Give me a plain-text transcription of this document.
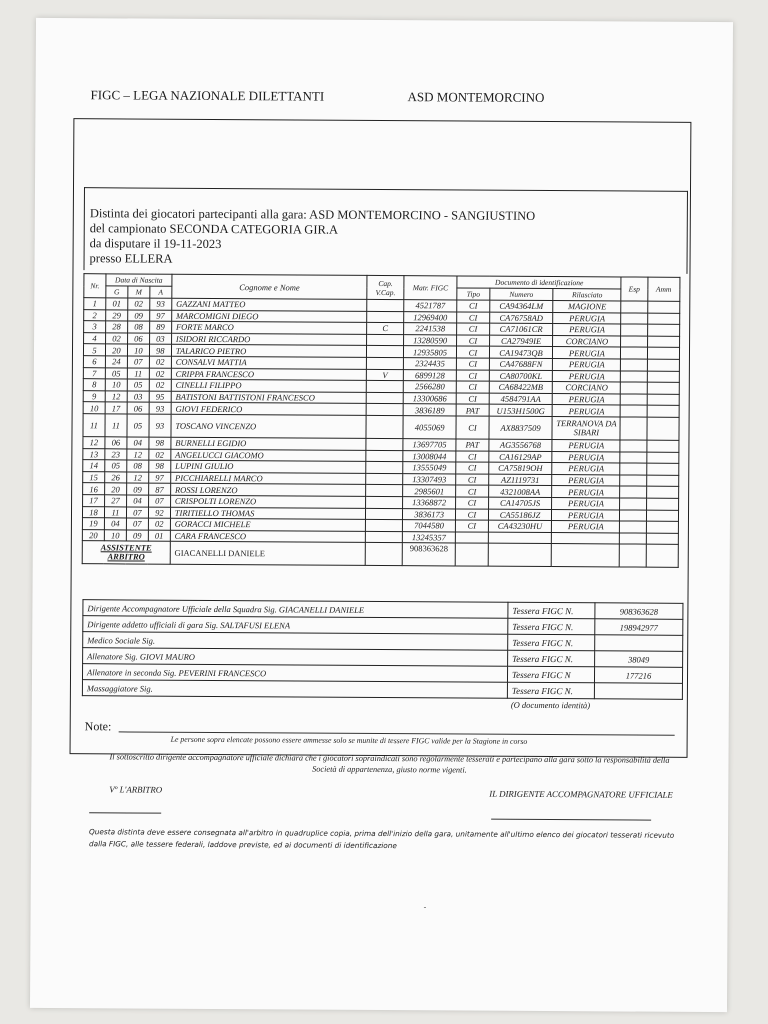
FIGC – LEGA NAZIONALE DILETTANTI	ASD MONTEMORCINO
Distinta dei giocatori partecipanti alla gara: ASD MONTEMORCINO - SANGIUSTINO
del campionato SECONDA CATEGORIA GIR.A
da disputare il 19-11-2023
presso ELLERA
Nr.	Data di Nascita			Cognome e Nome	Cap. V.Cap.	Matr. FIGC	Documento di identificazione			Esp	Amm
	G	M	A				Tipo	Numero	Rilasciato		
1	01	02	93	GAZZANI MATTEO		4521787	CI	CA94364LM	MAGIONE		
2	29	09	97	MARCOMIGNI DIEGO		12969400	CI	CA76758AD	PERUGIA		
3	28	08	89	FORTE MARCO	C	2241538	CI	CA71061CR	PERUGIA		
4	02	06	03	ISIDORI RICCARDO		13280590	CI	CA27949IE	CORCIANO		
5	20	10	98	TALARICO PIETRO		12935805	CI	CA19473QB	PERUGIA		
6	24	07	02	CONSALVI MATTIA		2324435	CI	CA47688FN	PERUGIA		
7	05	11	02	CRIPPA FRANCESCO	V	6899128	CI	CA80700KL	PERUGIA		
8	10	05	02	CINELLI FILIPPO		2566280	CI	CA68422MB	CORCIANO		
9	12	03	95	BATISTONI BATTISTONI FRANCESCO		13300686	CI	4584791AA	PERUGIA		
10	17	06	93	GIOVI FEDERICO		3836189	PAT	U153H1500G	PERUGIA		
11	11	05	93	TOSCANO VINCENZO		4055069	CI	AX8837509	TERRANOVA DA SIBARI		
12	06	04	98	BURNELLI EGIDIO		13697705	PAT	AG3556768	PERUGIA		
13	23	12	02	ANGELUCCI GIACOMO		13008044	CI	CA16129AP	PERUGIA		
14	05	08	98	LUPINI GIULIO		13555049	CI	CA75819OH	PERUGIA		
15	26	12	97	PICCHIARELLI MARCO		13307493	CI	AZ1119731	PERUGIA		
16	20	09	87	ROSSI LORENZO		2985601	CI	4321008AA	PERUGIA		
17	27	04	07	CRISPOLTI LORENZO		13368872	CI	CA14705JS	PERUGIA		
18	11	07	92	TIRITIELLO THOMAS		3836173	CI	CA55186JZ	PERUGIA		
19	04	07	02	GORACCI MICHELE		7044580	CI	CA43230HU	PERUGIA		
20	10	09	01	CARA FRANCESCO		13245357					
ASSISTENTE ARBITRO				GIACANELLI DANIELE		908363628					
Dirigente Accompagnatore Ufficiale della Squadra Sig. GIACANELLI DANIELE	Tessera FIGC N.	908363628
Dirigente addetto ufficiali di gara Sig. SALTAFUSI ELENA	Tessera FIGC N.	198942977
Medico Sociale Sig.	Tessera FIGC N.	
Allenatore Sig. GIOVI MAURO	Tessera FIGC N.	38049
Allenatore in seconda Sig. PEVERINI FRANCESCO	Tessera FIGC N	177216
Massaggiatore Sig.	Tessera FIGC N.	
(O documento identità)
Note:
Le persone sopra elencate possono essere ammesse solo se munite di tessere FIGC valide per la Stagione in corso
Il sottoscritto dirigente accompagnatore ufficiale dichiara che i giocatori sopraindicati sono regolarmente tesserati e partecipano alla gara sotto la responsabilità della Società di appartenenza, giusto norme vigenti.
Vº L'ARBITRO	IL DIRIGENTE ACCOMPAGNATORE UFFICIALE
Questa distinta deve essere consegnata all'arbitro in quadruplice copia, prima dell'inizio della gara, unitamente all'ultimo elenco dei giocatori tesserati ricevuto dalla FIGC, alle tessere federali, laddove previste, ed ai documenti di identificazione
-
